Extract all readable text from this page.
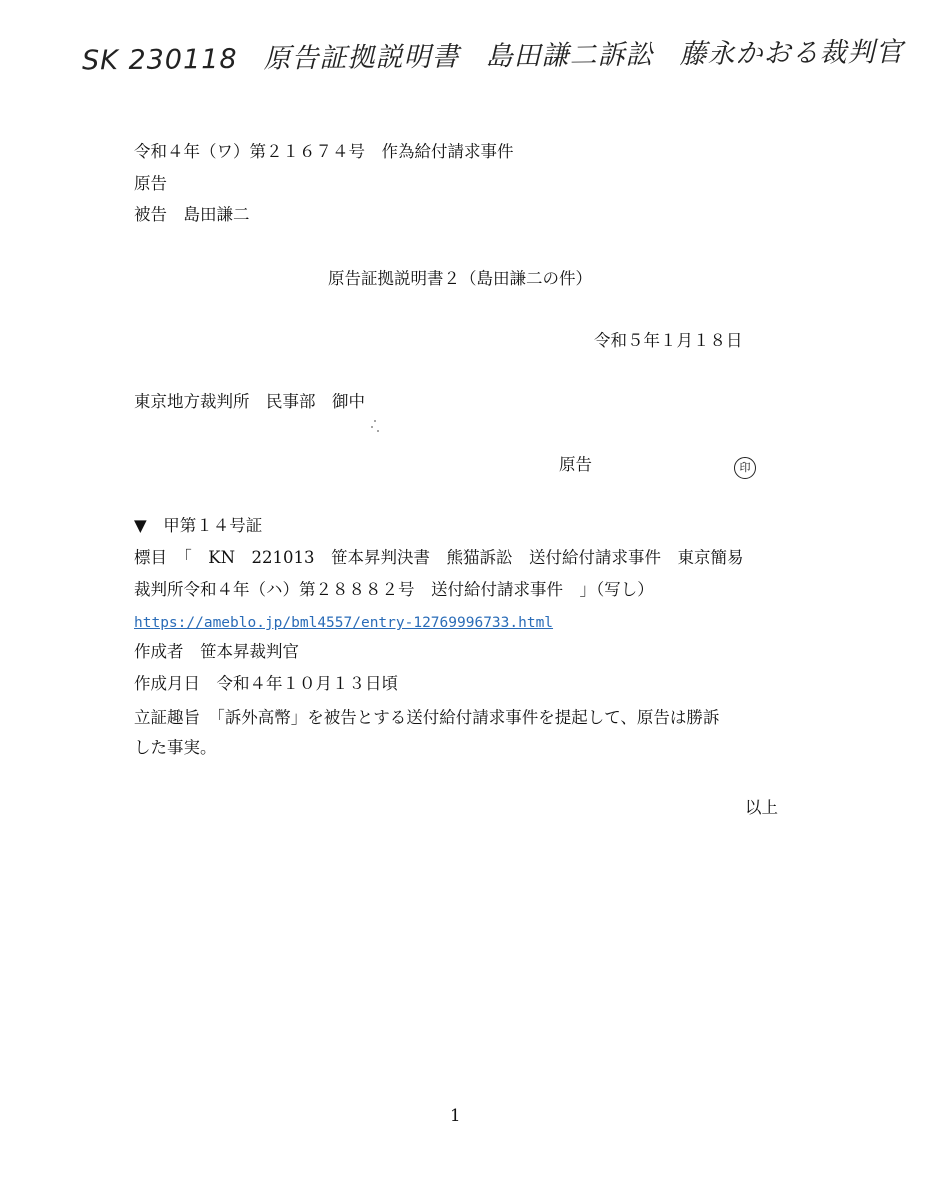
SK 230118 原告証拠説明書 島田謙二訴訟 藤永かおる裁判官
令和４年（ワ）第２１６７４号　作為給付請求事件
原告
被告　 島田謙二
原告証拠説明書２（島田謙二の件）
令和５年１月１８日
東京地方裁判所　民事部　御中
原告	印
▼　甲第１４号証
標目　 「　KN　221013　笹本昇判決書　熊猫訴訟　送付給付請求事件　東京簡易
裁判所令和４年（ハ）第２８８８２号　送付給付請求事件　」（写し）
https://ameblo.jp/bml4557/entry-12769996733.html
作成者　 笹本昇裁判官
作成月日　 令和４年１０月１３日頃
立証趣旨　 「訴外高幣」を被告とする送付給付請求事件を提起して、原告は勝訴
した事実。
以上
1
